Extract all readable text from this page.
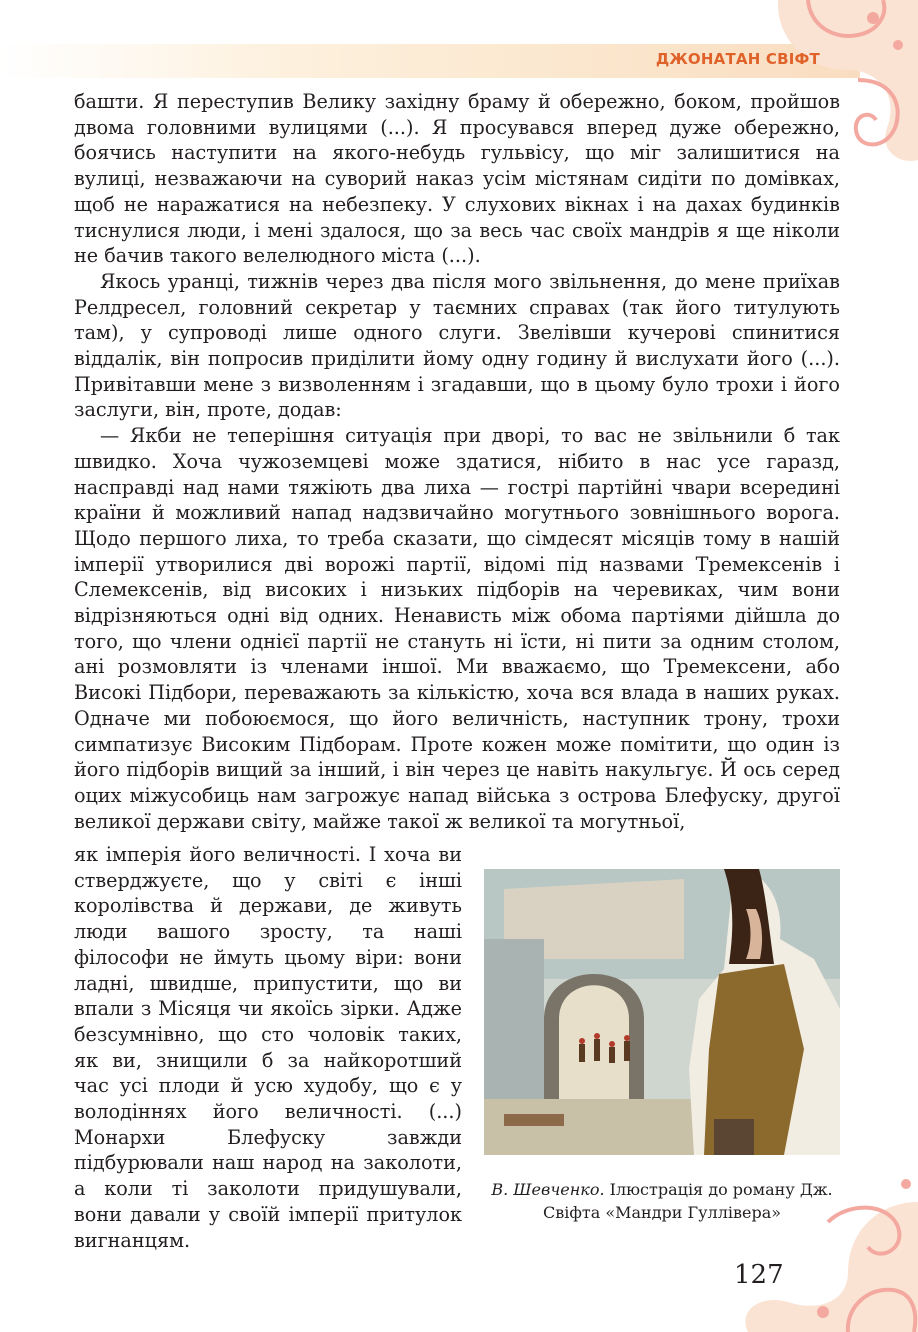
ДЖОНАТАН СВІФТ

башти. Я переступив Велику західну браму й обережно, боком, пройшов двома головними вулицями (...). Я просувався вперед дуже обережно, боячись наступити на якого-небудь гульвісу, що міг залишитися на вулиці, незважаючи на суворий наказ усім містянам сидіти по домівках, щоб не наражатися на небезпеку. У слухових вікнах і на дахах будинків тиснулися люди, і мені здалося, що за весь час своїх мандрів я ще ніколи не бачив такого велелюдного міста (...).

Якось уранці, тижнів через два після мого звільнення, до мене приїхав Релдресел, головний секретар у таємних справах (так його титулують там), у супроводі лише одного слуги. Звелівши кучерові спинитися віддалік, він попросив приділити йому одну годину й вислухати його (...). Привітавши мене з визволенням і згадавши, що в цьому було трохи і його заслуги, він, проте, додав:

— Якби не теперішня ситуація при дворі, то вас не звільнили б так швидко. Хоча чужоземцеві може здатися, нібито в нас усе гаразд, насправді над нами тяжіють два лиха — гострі партійні чвари всередині країни й можливий напад надзвичайно могутнього зовнішнього ворога. Щодо першого лиха, то треба сказати, що сімдесят місяців тому в нашій імперії утворилися дві ворожі партії, відомі під назвами Тремексенів і Слемексенів, від високих і низьких підборів на черевиках, чим вони відрізняються одні від одних. Ненависть між обома партіями дійшла до того, що члени однієї партії не стануть ні їсти, ні пити за одним столом, ані розмовляти із членами іншої. Ми вважаємо, що Тремексени, або Високі Підбори, переважають за кількістю, хоча вся влада в наших руках. Одначе ми побоюємося, що його величність, наступник трону, трохи симпатизує Високим Підборам. Проте кожен може помітити, що один із його підборів вищий за інший, і він через це навіть накульгує. Й ось серед оцих міжусобиць нам загрожує напад війська з острова Блефуску, другої великої держави світу, майже такої ж великої та могутньої,

як імперія його величності. І хоча ви стверджуєте, що у світі є інші королівства й держави, де живуть люди вашого зросту, та наші філософи не ймуть цьому віри: вони ладні, швидше, припустити, що ви впали з Місяця чи якоїсь зірки. Адже безсумнівно, що сто чоловік таких, як ви, знищили б за найкоротший час усі плоди й усю худобу, що є у володіннях його величності. (...) Монархи Блефуску завжди підбурювали наш народ на заколоти, а коли ті заколоти придушували, вони давали у своїй імперії притулок вигнанцям.
В. Шевченко. Ілюстрація до роману Дж. Свіфта «Мандри Гуллівера»
127
